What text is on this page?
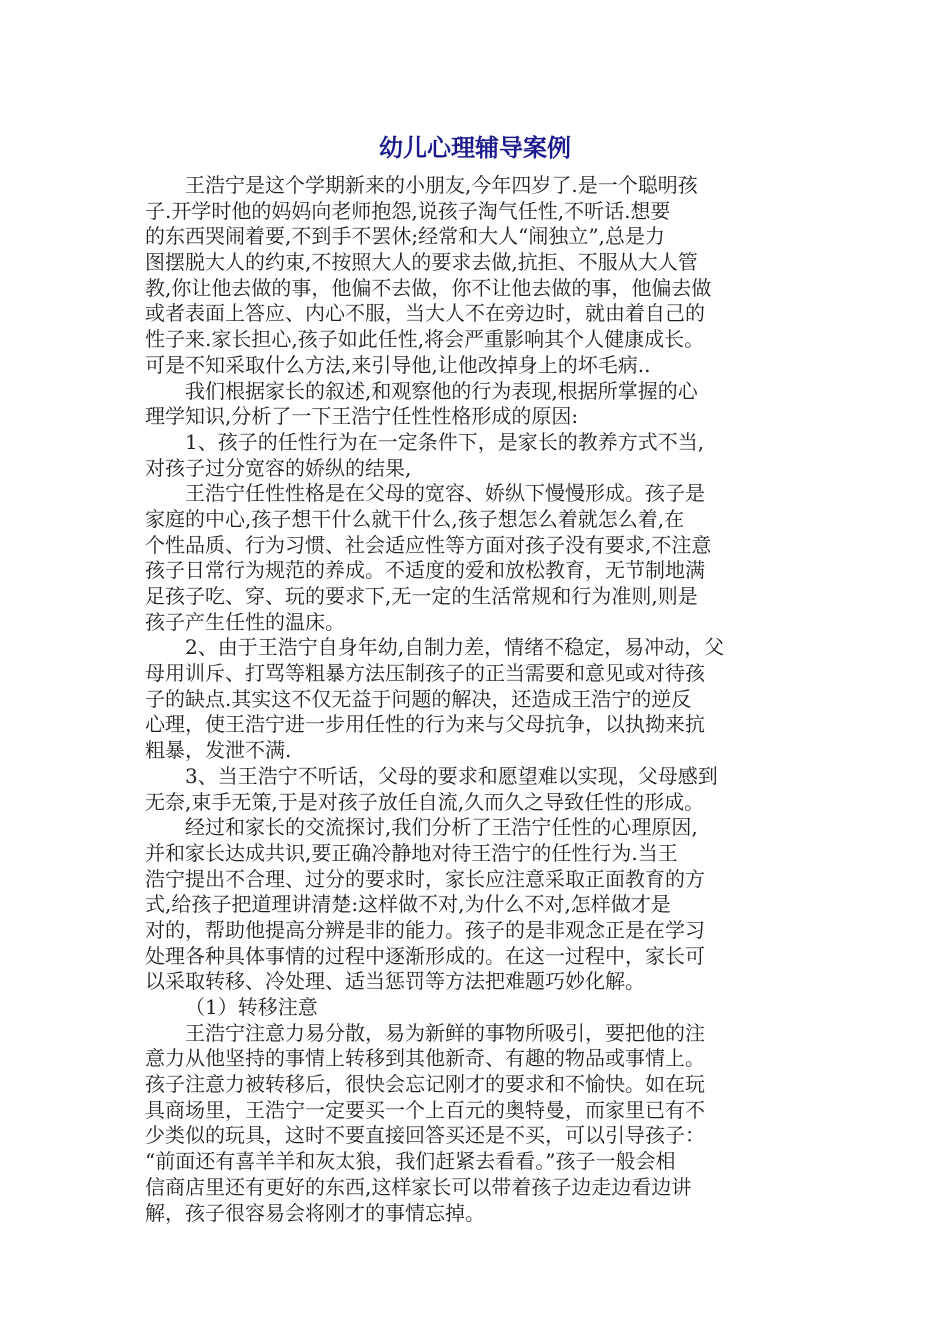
幼儿心理辅导案例
王浩宁是这个学期新来的小朋友,今年四岁了.是一个聪明孩
子.开学时他的妈妈向老师抱怨,说孩子淘气任性,不听话.想要
的东西哭闹着要,不到手不罢休;经常和大人“闹独立”,总是力
图摆脱大人的约束,不按照大人的要求去做,抗拒、不服从大人管
教,你让他去做的事，他偏不去做，你不让他去做的事，他偏去做
或者表面上答应、内心不服，当大人不在旁边时，就由着自己的
性子来.家长担心,孩子如此任性,将会严重影响其个人健康成长。
可是不知采取什么方法,来引导他,让他改掉身上的坏毛病..
我们根据家长的叙述,和观察他的行为表现,根据所掌握的心
理学知识,分析了一下王浩宁任性性格形成的原因:
1、孩子的任性行为在一定条件下，是家长的教养方式不当,
对孩子过分宽容的娇纵的结果,
王浩宁任性性格是在父母的宽容、娇纵下慢慢形成。孩子是
家庭的中心,孩子想干什么就干什么,孩子想怎么着就怎么着,在
个性品质、行为习惯、社会适应性等方面对孩子没有要求,不注意
孩子日常行为规范的养成。不适度的爱和放松教育，无节制地满
足孩子吃、穿、玩的要求下,无一定的生活常规和行为准则,则是
孩子产生任性的温床。
2、由于王浩宁自身年幼,自制力差，情绪不稳定，易冲动，父
母用训斥、打骂等粗暴方法压制孩子的正当需要和意见或对待孩
子的缺点.其实这不仅无益于问题的解决，还造成王浩宁的逆反
心理，使王浩宁进一步用任性的行为来与父母抗争，以执拗来抗
粗暴，发泄不满.
3、当王浩宁不听话，父母的要求和愿望难以实现，父母感到
无奈,束手无策,于是对孩子放任自流,久而久之导致任性的形成。
经过和家长的交流探讨,我们分析了王浩宁任性的心理原因,
并和家长达成共识,要正确冷静地对待王浩宁的任性行为.当王
浩宁提出不合理、过分的要求时，家长应注意采取正面教育的方
式,给孩子把道理讲清楚:这样做不对,为什么不对,怎样做才是
对的，帮助他提高分辨是非的能力。孩子的是非观念正是在学习
处理各种具体事情的过程中逐渐形成的。在这一过程中，家长可
以采取转移、冷处理、适当惩罚等方法把难题巧妙化解。
（1）转移注意
王浩宁注意力易分散，易为新鲜的事物所吸引，要把他的注
意力从他坚持的事情上转移到其他新奇、有趣的物品或事情上。
孩子注意力被转移后，很快会忘记刚才的要求和不愉快。如在玩
具商场里，王浩宁一定要买一个上百元的奥特曼，而家里已有不
少类似的玩具，这时不要直接回答买还是不买，可以引导孩子：
“前面还有喜羊羊和灰太狼，我们赶紧去看看。”孩子一般会相
信商店里还有更好的东西,这样家长可以带着孩子边走边看边讲
解，孩子很容易会将刚才的事情忘掉。
